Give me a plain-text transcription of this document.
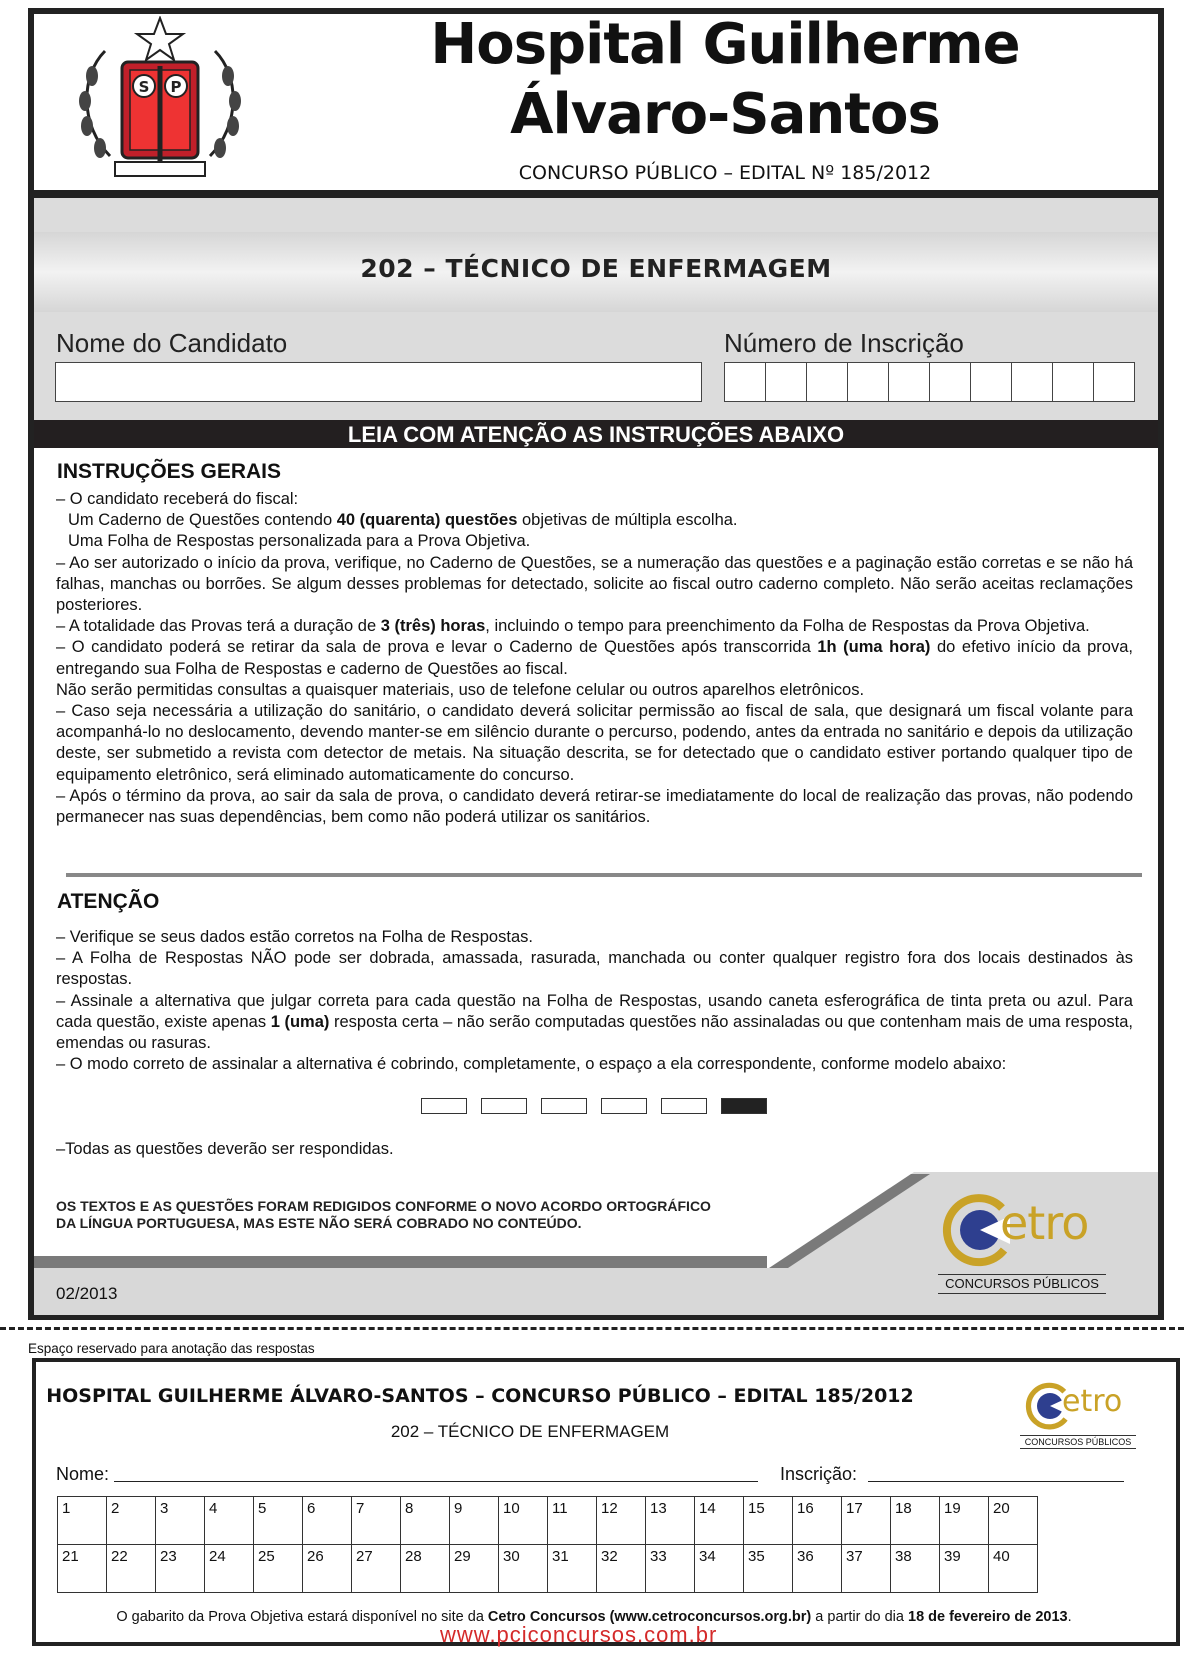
S P
Hospital Guilherme
Álvaro-Santos
CONCURSO PÚBLICO – EDITAL Nº 185/2012
202 – TÉCNICO DE ENFERMAGEM
Nome do Candidato	Número de Inscrição
LEIA COM ATENÇÃO AS INSTRUÇÕES ABAIXO
INSTRUÇÕES GERAIS

– O candidato receberá do fiscal:

Um Caderno de Questões contendo 40 (quarenta) questões objetivas de múltipla escolha.

Uma Folha de Respostas personalizada para a Prova Objetiva.

– Ao ser autorizado o início da prova, verifique, no Caderno de Questões, se a numeração das questões e a paginação estão corretas e se não há falhas, manchas ou borrões. Se algum desses problemas for detectado, solicite ao fiscal outro caderno completo. Não serão aceitas reclamações posteriores.

– A totalidade das Provas terá a duração de 3 (três) horas, incluindo o tempo para preenchimento da Folha de Respostas da Prova Objetiva.

– O candidato poderá se retirar da sala de prova e levar o Caderno de Questões após transcorrida 1h (uma hora) do efetivo início da prova, entregando sua Folha de Respostas e caderno de Questões ao fiscal.

Não serão permitidas consultas a quaisquer materiais, uso de telefone celular ou outros aparelhos eletrônicos.

– Caso seja necessária a utilização do sanitário, o candidato deverá solicitar permissão ao fiscal de sala, que designará um fiscal volante para acompanhá-lo no deslocamento, devendo manter-se em silêncio durante o percurso, podendo, antes da entrada no sanitário e depois da utilização deste, ser submetido a revista com detector de metais. Na situação descrita, se for detectado que o candidato estiver portando qualquer tipo de equipamento eletrônico, será eliminado automaticamente do concurso.

– Após o término da prova, ao sair da sala de prova, o candidato deverá retirar-se imediatamente do local de realização das provas, não podendo permanecer nas suas dependências, bem como não poderá utilizar os sanitários.

ATENÇÃO

– Verifique se seus dados estão corretos na Folha de Respostas.

– A Folha de Respostas NÃO pode ser dobrada, amassada, rasurada, manchada ou conter qualquer registro fora dos locais destinados às respostas.

– Assinale a alternativa que julgar correta para cada questão na Folha de Respostas, usando caneta esferográfica de tinta preta ou azul. Para cada questão, existe apenas 1 (uma) resposta certa – não serão computadas questões não assinaladas ou que contenham mais de uma resposta, emendas ou rasuras.

– O modo correto de assinalar a alternativa é cobrindo, completamente, o espaço a ela correspondente, conforme modelo abaixo:

–Todas as questões deverão ser respondidas.
OS TEXTOS E AS QUESTÕES FORAM REDIGIDOS CONFORME O NOVO ACORDO ORTOGRÁFICO
DA LÍNGUA PORTUGUESA, MAS ESTE NÃO SERÁ COBRADO NO CONTEÚDO.
02/2013
etro
CONCURSOS PÚBLICOS
Espaço reservado para anotação das respostas
HOSPITAL GUILHERME ÁLVARO-SANTOS – CONCURSO PÚBLICO – EDITAL 185/2012
202 – TÉCNICO DE ENFERMAGEM
etro
CONCURSOS PÚBLICOS
Nome:	Inscrição:
1	2	3	4	5	6	7	8	9	10	11	12	13	14	15	16	17	18	19	20
21	22	23	24	25	26	27	28	29	30	31	32	33	34	35	36	37	38	39	40
O gabarito da Prova Objetiva estará disponível no site da Cetro Concursos (www.cetroconcursos.org.br) a partir do dia 18 de fevereiro de 2013.
www.pciconcursos.com.br
